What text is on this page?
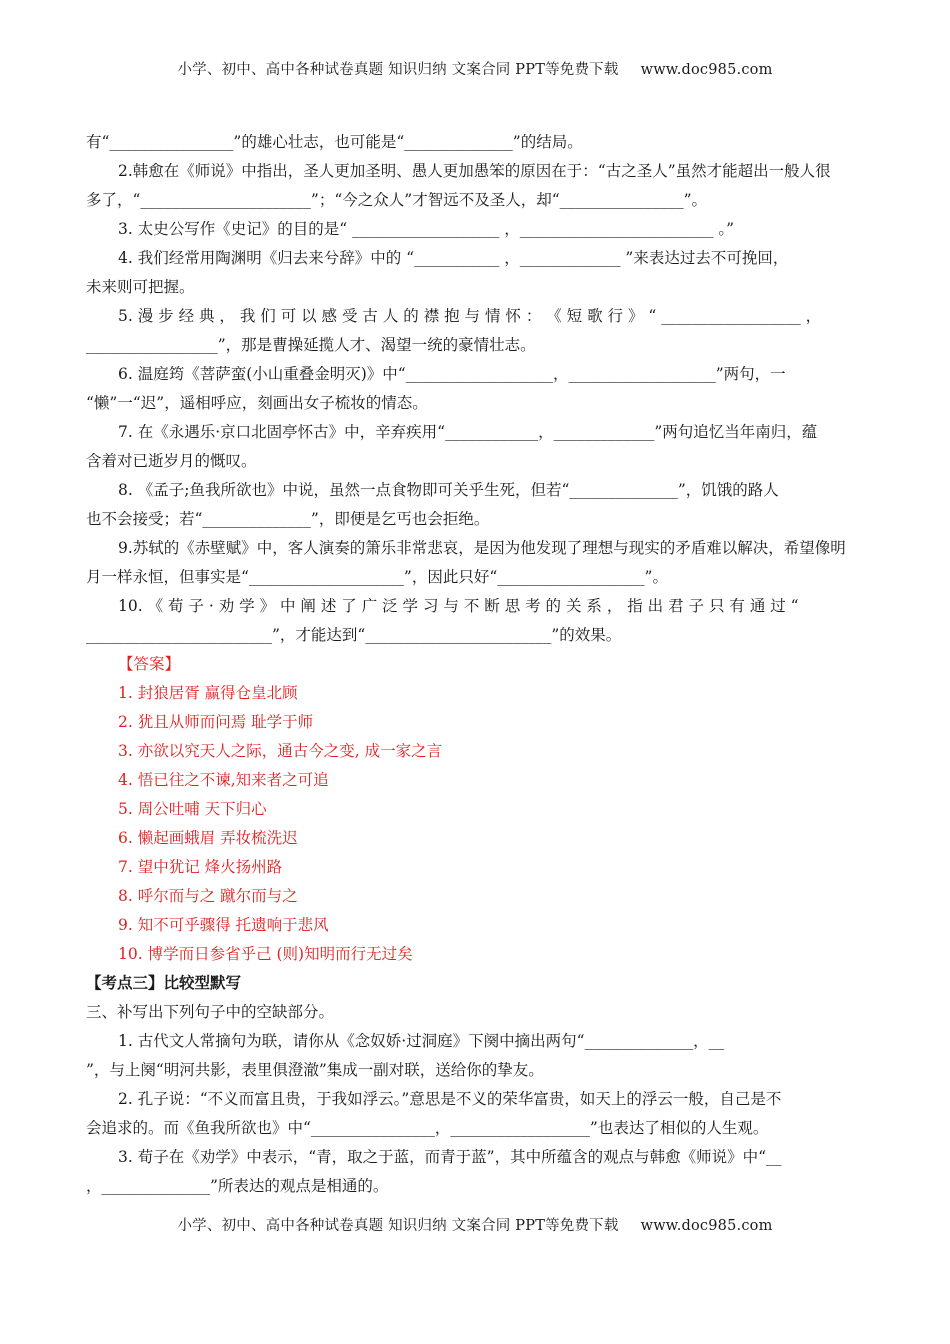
小学、初中、高中各种试卷真题 知识归纳 文案合同 PPT等免费下载 www.doc985.com
有“________________”的雄心壮志，也可能是“______________”的结局。
2.韩愈在《师说》中指出，圣人更加圣明、愚人更加愚笨的原因在于：“古之圣人”虽然才能超出一般人很
多了，“______________________”；“今之众人”才智远不及圣人，却“________________”。
3. 太史公写作《史记》的目的是“ ___________________ ，_________________________ 。”
4. 我们经常用陶渊明《归去来兮辞》中的 “___________ ，_____________ ”来表达过去不可挽回，
未来则可把握。
5. 漫 步 经 典 ， 我 们 可 以 感 受 古 人 的 襟 抱 与 情 怀 ： 《 短 歌 行 》 “ __________________ ，
_________________”，那是曹操延揽人才、渴望一统的豪情壮志。
6. 温庭筠《菩萨蛮(小山重叠金明灭)》中“___________________，___________________”两句，一
“懒”一“迟”，遥相呼应，刻画出女子梳妆的情态。
7. 在《永遇乐·京口北固亭怀古》中，辛弃疾用“____________，_____________”两句追忆当年南归，蕴
含着对已逝岁月的慨叹。
8. 《孟子;鱼我所欲也》中说，虽然一点食物即可关乎生死，但若“______________”，饥饿的路人
也不会接受；若“______________”，即便是乞丐也会拒绝。
9.苏轼的《赤壁赋》中，客人演奏的箫乐非常悲哀，是因为他发现了理想与现实的矛盾难以解决，希望像明
月一样永恒，但事实是“____________________”，因此只好“___________________”。
10. 《 荀 子 · 劝 学 》 中 阐 述 了 广 泛 学 习 与 不 断 思 考 的 关 系 ， 指 出 君 子 只 有 通 过 “
________________________”，才能达到“________________________”的效果。
【答案】
1. 封狼居胥 赢得仓皇北顾
2. 犹且从师而问焉 耻学于师
3. 亦欲以究天人之际，通古今之变, 成一家之言
4. 悟已往之不谏,知来者之可追
5. 周公吐哺 天下归心
6. 懒起画蛾眉 弄妆梳洗迟
7. 望中犹记 烽火扬州路
8. 呼尔而与之 蹴尔而与之
9. 知不可乎骤得 托遗响于悲风
10. 博学而日参省乎己 (则)知明而行无过矣
【考点三】比较型默写
三、补写出下列句子中的空缺部分。
1. 古代文人常摘句为联，请你从《念奴娇·过洞庭》下阕中摘出两句“______________，__
”，与上阕“明河共影，表里俱澄澈”集成一副对联，送给你的挚友。
2. 孔子说：“不义而富且贵，于我如浮云。”意思是不义的荣华富贵，如天上的浮云一般，自己是不
会追求的。而《鱼我所欲也》中“________________，__________________”也表达了相似的人生观。
3. 荀子在《劝学》中表示，“青，取之于蓝，而青于蓝”，其中所蕴含的观点与韩愈《师说》中“__
，______________”所表达的观点是相通的。
小学、初中、高中各种试卷真题 知识归纳 文案合同 PPT等免费下载 www.doc985.com
